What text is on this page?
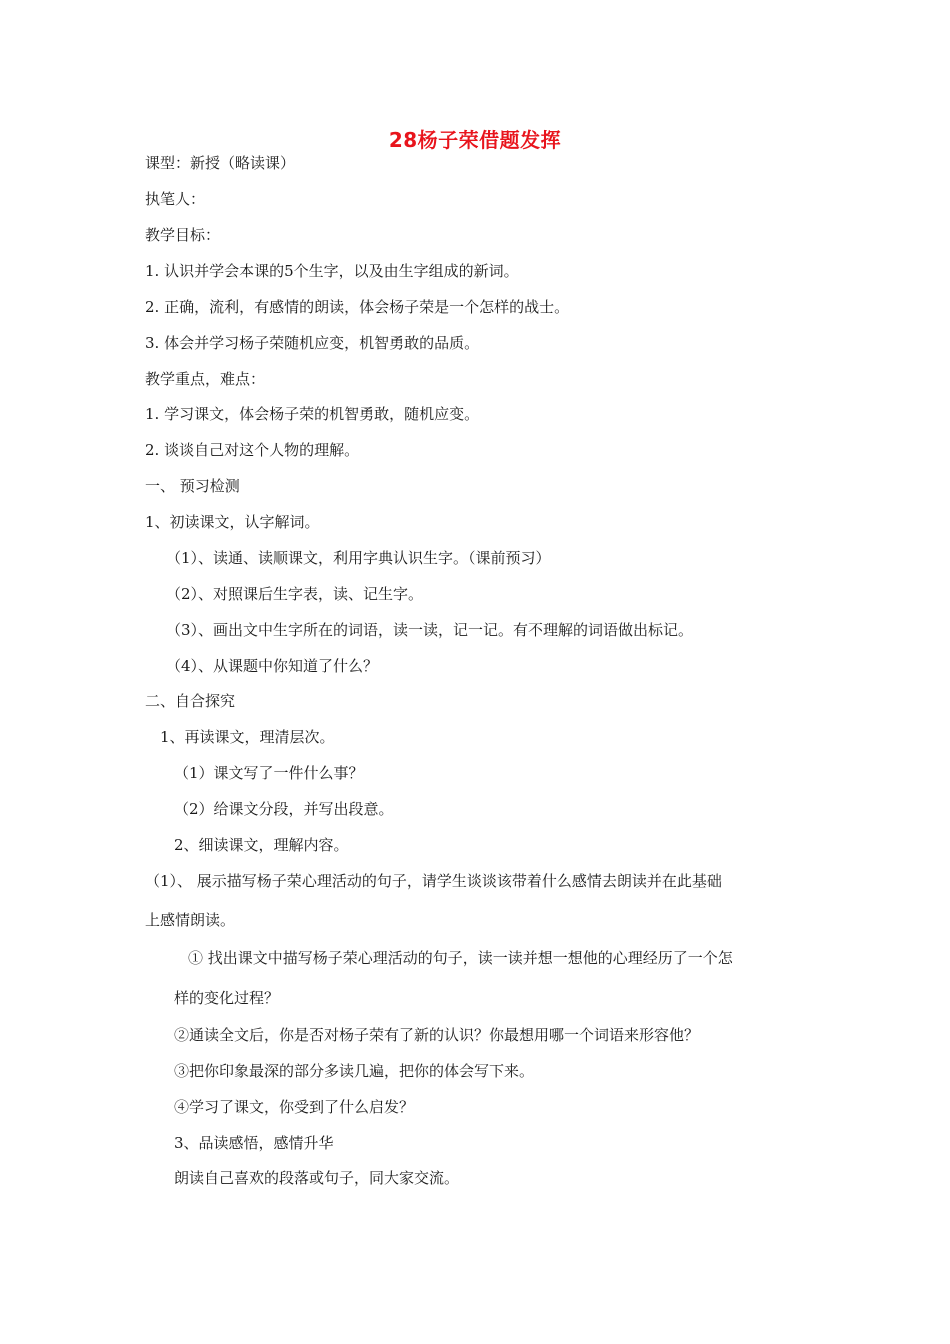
28杨子荣借题发挥
课型：新授（略读课）
执笔人：
教学目标：
1. 认识并学会本课的5个生字，以及由生字组成的新词。
2. 正确，流利，有感情的朗读，体会杨子荣是一个怎样的战士。
3. 体会并学习杨子荣随机应变，机智勇敢的品质。
教学重点，难点：
1. 学习课文，体会杨子荣的机智勇敢，随机应变。
2. 谈谈自己对这个人物的理解。
一、 预习检测
1、初读课文，认字解词。
（1）、读通、读顺课文，利用字典认识生字。（课前预习）
（2）、对照课后生字表，读、记生字。
（3）、画出文中生字所在的词语，读一读，记一记。有不理解的词语做出标记。
（4）、从课题中你知道了什么？
二、自合探究
1、再读课文，理清层次。
（1）课文写了一件什么事？
（2）给课文分段，并写出段意。
2、细读课文，理解内容。
（1）、 展示描写杨子荣心理活动的句子，请学生谈谈该带着什么感情去朗读并在此基础
上感情朗读。
① 找出课文中描写杨子荣心理活动的句子，读一读并想一想他的心理经历了一个怎
样的变化过程？
②通读全文后，你是否对杨子荣有了新的认识？你最想用哪一个词语来形容他？
③把你印象最深的部分多读几遍，把你的体会写下来。
④学习了课文，你受到了什么启发？
3、品读感悟，感情升华
朗读自己喜欢的段落或句子，同大家交流。
